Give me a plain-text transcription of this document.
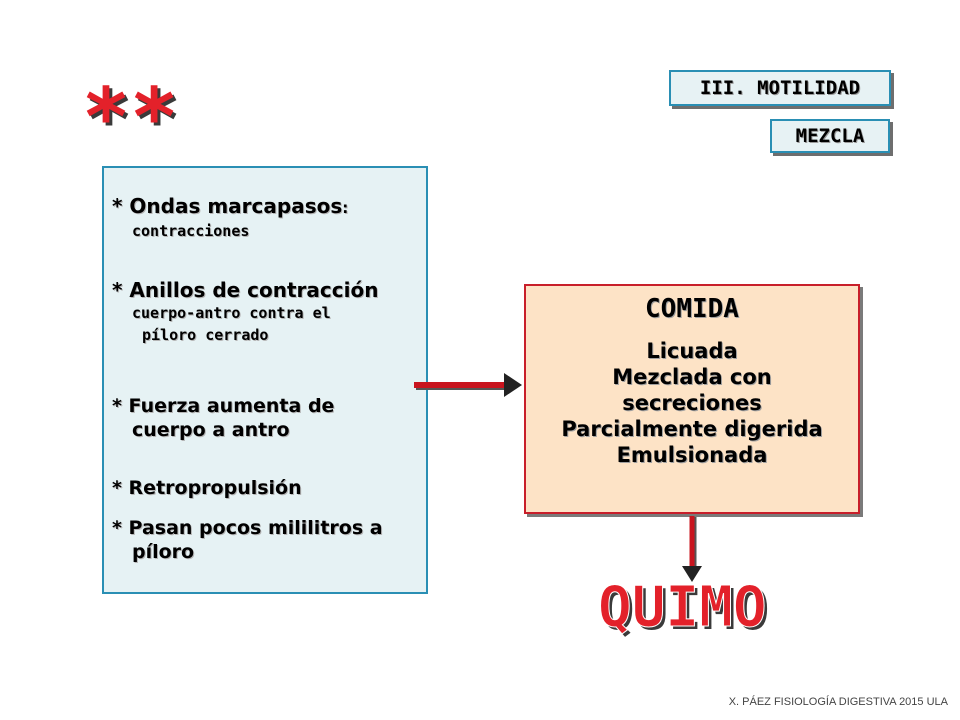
III. MOTILIDAD
MEZCLA
**
* Ondas marcapasos:
contracciones
* Anillos de contracción
cuerpo-antro contra el
píloro cerrado
* Fuerza aumenta de
cuerpo a antro
* Retropropulsión
* Pasan pocos mililitros a
píloro
COMIDA
Licuada
Mezclada con
secreciones
Parcialmente digerida
Emulsionada
QUIMO
X. PÁEZ FISIOLOGÍA DIGESTIVA 2015 ULA
